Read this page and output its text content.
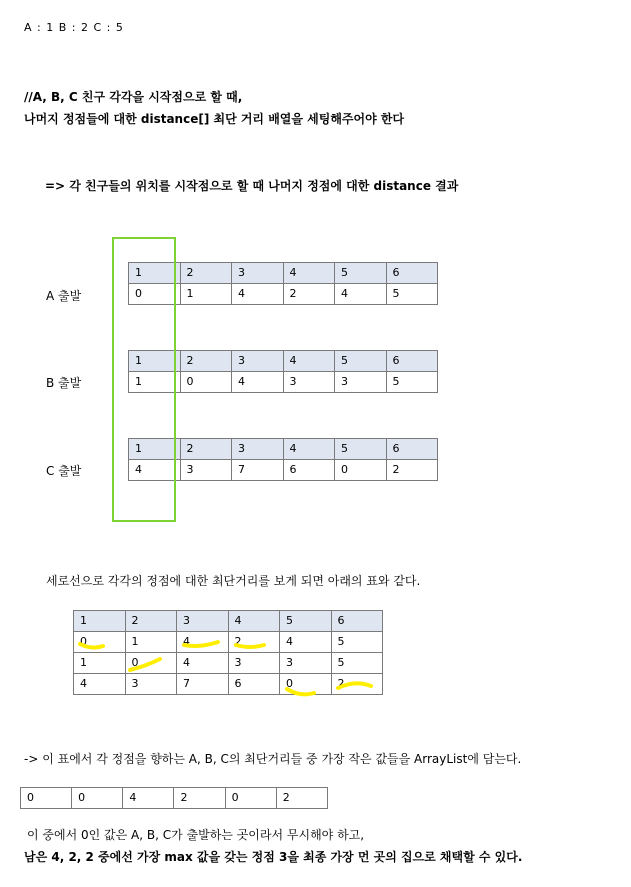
A : 1 B : 2 C : 5
//A, B, C 친구 각각을 시작점으로 할 때,
나머지 정점들에 대한 distance[] 최단 거리 배열을 세팅해주어야 한다
=> 각 친구들의 위치를 시작점으로 할 때 나머지 정점에 대한 distance 결과
A 출발
1	2	3	4	5	6
0	1	4	2	4	5
B 출발
1	2	3	4	5	6
1	0	4	3	3	5
C 출발
1	2	3	4	5	6
4	3	7	6	0	2
세로선으로 각각의 정점에 대한 최단거리를 보게 되면 아래의 표와 같다.
1	2	3	4	5	6
0	1	4	2	4	5
1	0	4	3	3	5
4	3	7	6	0	2
-> 이 표에서 각 정점을 향하는 A, B, C의 최단거리들 중 가장 작은 값들을 ArrayList에 담는다.
0	0	4	2	0	2
이 중에서 0인 값은 A, B, C가 출발하는 곳이라서 무시해야 하고,
남은 4, 2, 2 중에선 가장 max 값을 갖는 정점 3을 최종 가장 먼 곳의 집으로 채택할 수 있다.
